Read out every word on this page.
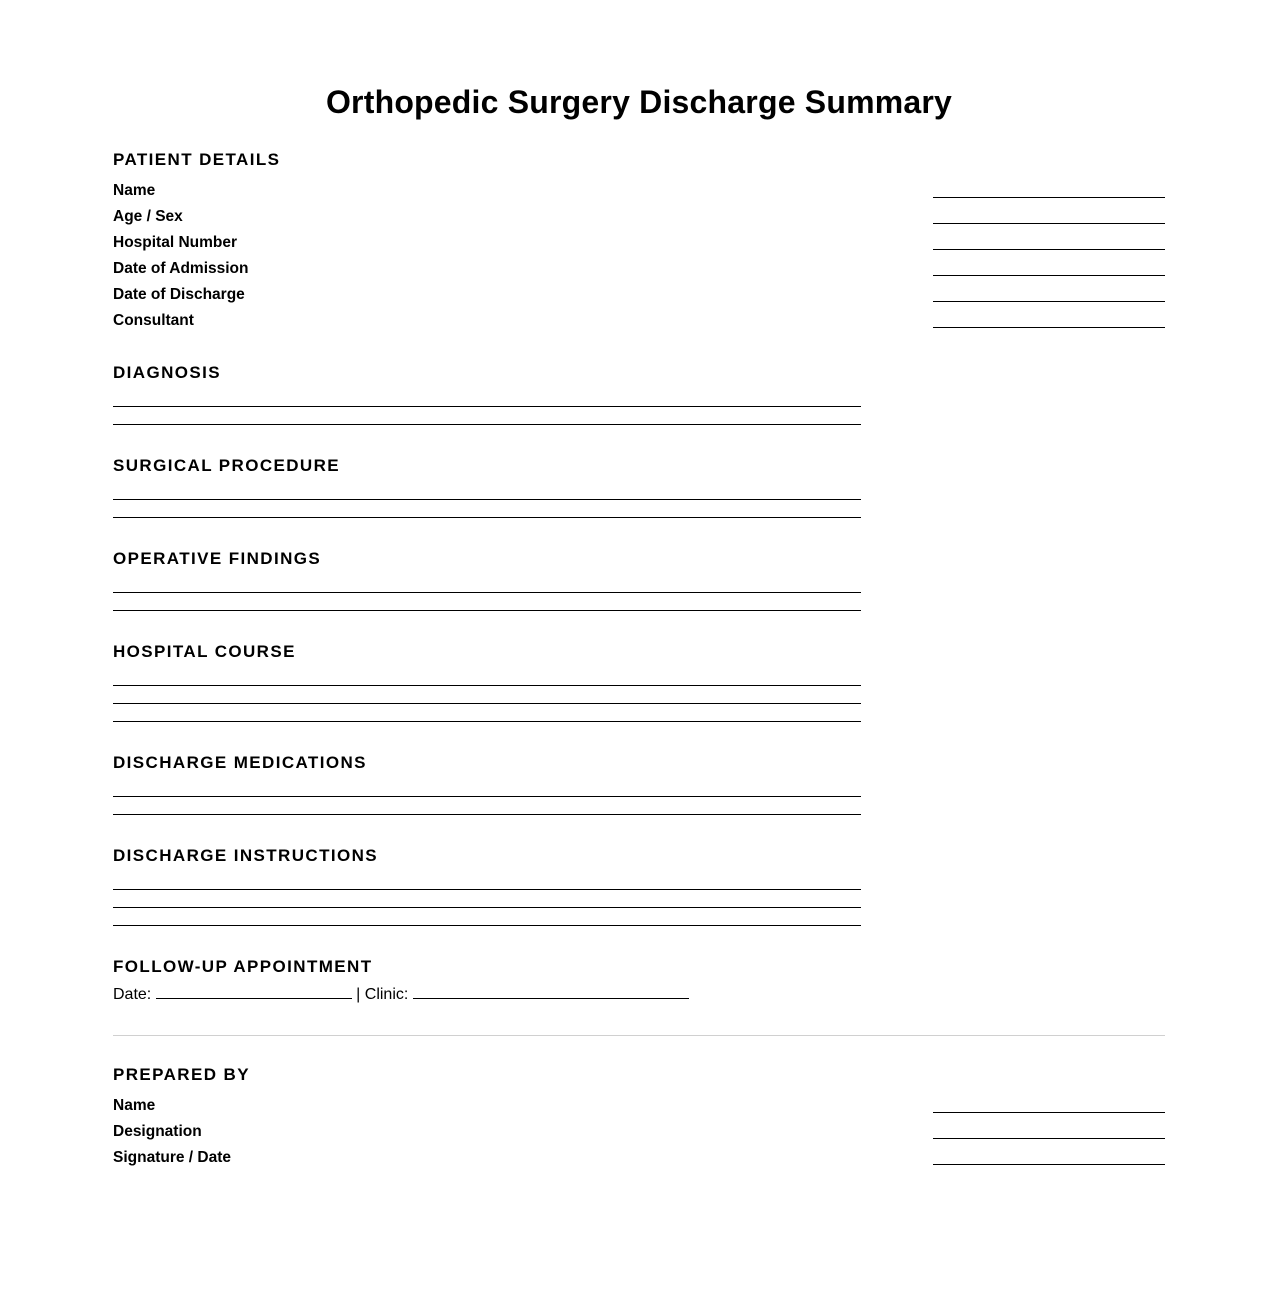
Orthopedic Surgery Discharge Summary
PATIENT DETAILS
Name
Age / Sex
Hospital Number
Date of Admission
Date of Discharge
Consultant
DIAGNOSIS
SURGICAL PROCEDURE
OPERATIVE FINDINGS
HOSPITAL COURSE
DISCHARGE MEDICATIONS
DISCHARGE INSTRUCTIONS
FOLLOW-UP APPOINTMENT
Date:	| Clinic:
PREPARED BY
Name
Designation
Signature / Date
